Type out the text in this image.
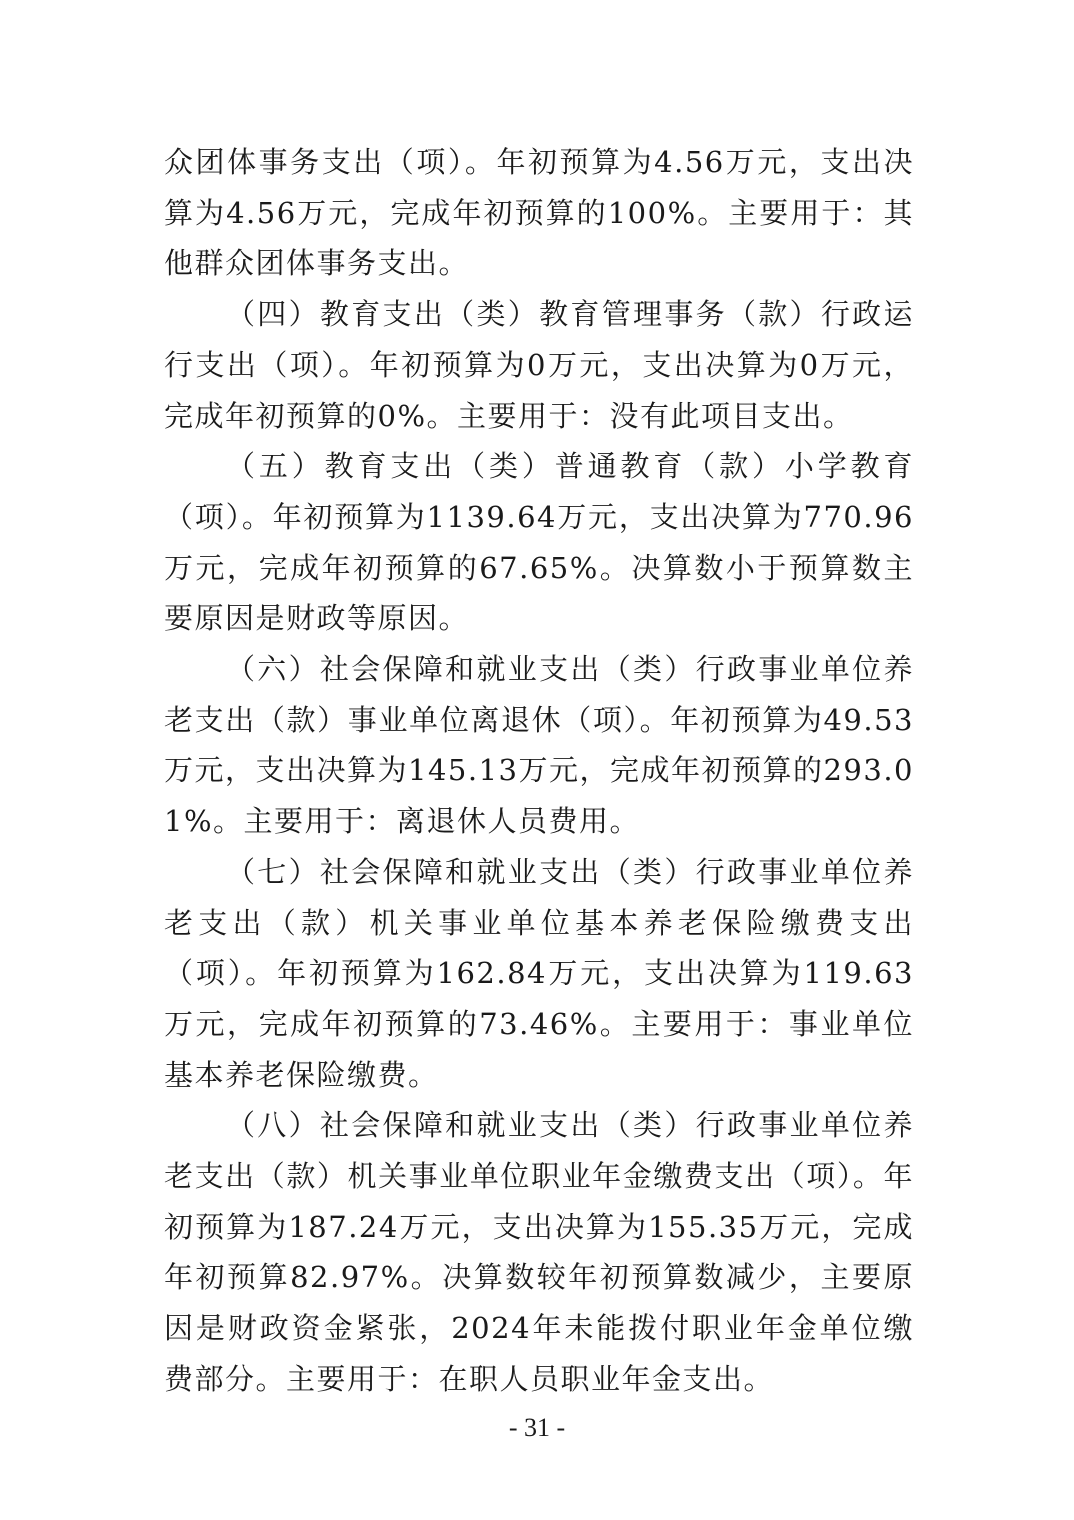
众团体事务支出（项）。年初预算为4.56万元，支出决算为4.56万元，完成年初预算的100%。主要用于：其他群众团体事务支出。

（四）教育支出（类）教育管理事务（款）行政运行支出（项）。年初预算为0万元，支出决算为0万元，完成年初预算的0%。主要用于：没有此项目支出。

（五）教育支出（类）普通教育（款）小学教育（项）。年初预算为1139.64万元，支出决算为770.96万元，完成年初预算的67.65%。决算数小于预算数主要原因是财政等原因。

（六）社会保障和就业支出（类）行政事业单位养老支出（款）事业单位离退休（项）。年初预算为49.53万元，支出决算为145.13万元，完成年初预算的293.01%。主要用于：离退休人员费用。

（七）社会保障和就业支出（类）行政事业单位养老支出（款）机关事业单位基本养老保险缴费支出（项）。年初预算为162.84万元，支出决算为119.63万元，完成年初预算的73.46%。主要用于：事业单位基本养老保险缴费。

（八）社会保障和就业支出（类）行政事业单位养老支出（款）机关事业单位职业年金缴费支出（项）。年初预算为187.24万元，支出决算为155.35万元，完成年初预算82.97%。决算数较年初预算数减少，主要原因是财政资金紧张，2024年未能拨付职业年金单位缴费部分。主要用于：在职人员职业年金支出。

- 31 -
